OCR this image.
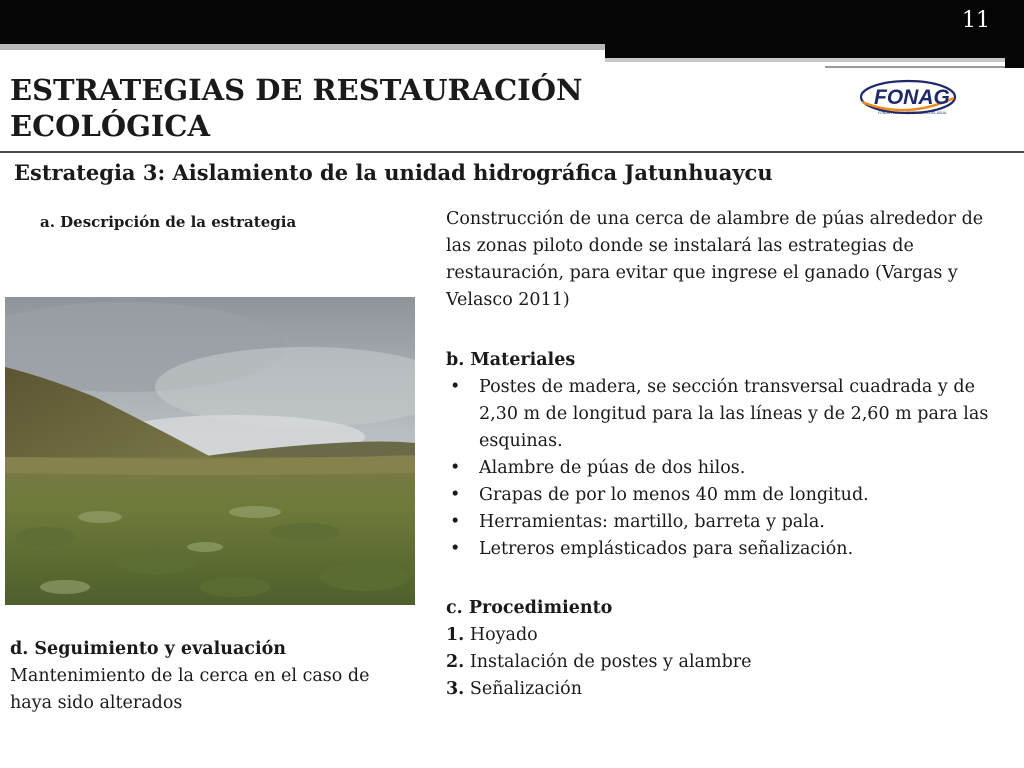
11
ESTRATEGIAS DE RESTAURACIÓN ECOLÓGICA
FONAG
FONDO PARA LA PROTECCIÓN DEL AGUA
Estrategia 3: Aislamiento de la unidad hidrográfica Jatunhuaycu
a. Descripción de la estrategia	Construcción de una cerca de alambre de púas alrededor de las zonas piloto donde se instalará las estrategias de restauración, para evitar que ingrese el ganado (Vargas y Velasco 2011)

b. Materiales
• Postes de madera, se sección transversal cuadrada y de 2,30 m de longitud para la las líneas y de 2,60 m para las esquinas.
• Alambre de púas de dos hilos.
• Grapas de por lo menos 40 mm de longitud.
• Herramientas: martillo, barreta y pala.
• Letreros emplásticados para señalización.
c. Procedimiento
1. Hoyado
2. Instalación de postes y alambre
3. Señalización
d. Seguimiento y evaluación
Mantenimiento de la cerca en el caso de haya sido alterados
